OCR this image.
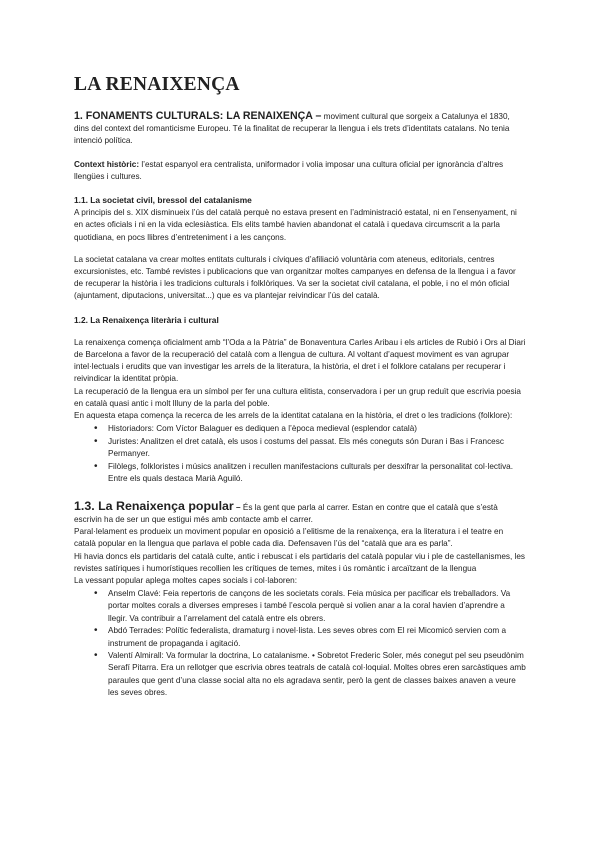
LA RENAIXENÇA

1. FONAMENTS CULTURALS: LA RENAIXENÇA – moviment cultural que sorgeix a Catalunya el 1830, dins del context del romanticisme Europeu. Té la finalitat de recuperar la llengua i els trets d’identitats catalans. No tenia intenció política.

Context històric: l’estat espanyol era centralista, uniformador i volia imposar una cultura oficial per ignorància d’altres llengües i cultures.

1.1. La societat civil, bressol del catalanisme

A principis del s. XIX disminueix l’ús del català perquè no estava present en l’administració estatal, ni en l’ensenyament, ni en actes oficials i ni en la vida eclesiàstica. Els elits també havien abandonat el català i quedava circumscrit a la parla quotidiana, en pocs llibres d’entreteniment i a les cançons.

La societat catalana va crear moltes entitats culturals i cíviques d’afiliació voluntària com ateneus, editorials, centres excursionistes, etc. També revistes i publicacions que van organitzar moltes campanyes en defensa de la llengua i a favor de recuperar la història i les tradicions culturals i folklòriques. Va ser la societat civil catalana, el poble, i no el món oficial (ajuntament, diputacions, universitat...) que es va plantejar reivindicar l’ús del català.

1.2. La Renaixença literària i cultural

La renaixença comença oficialment amb “l’Oda a la Pàtria” de Bonaventura Carles Aribau i els articles de Rubió i Ors al Diari de Barcelona a favor de la recuperació del català com a llengua de cultura. Al voltant d’aquest moviment es van agrupar intel·lectuals i erudits que van investigar les arrels de la literatura, la història, el dret i el folklore catalans per recuperar i reivindicar la identitat pròpia.

La recuperació de la llengua era un símbol per fer una cultura elitista, conservadora i per un grup reduït que escrivia poesia en català quasi antic i molt llluny de la parla del poble.

En aquesta etapa comença la recerca de les arrels de la identitat catalana en la història, el dret o les tradicions (folklore):

• Historiadors: Com Víctor Balaguer es dediquen a l’època medieval (esplendor català)
• Juristes: Analitzen el dret català, els usos i costums del passat. Els més coneguts són Duran i Bas i Francesc Permanyer.
• Filòlegs, folkloristes i músics analitzen i recullen manifestacions culturals per desxifrar la personalitat col·lectiva. Entre els quals destaca Marià Aguiló.

1.3. La Renaixença popular – És la gent que parla al carrer. Estan en contre que el català que s’està escrivin ha de ser un que estigui més amb contacte amb el carrer.

Paral·lelament es produeix un moviment popular en oposició a l’elitisme de la renaixença, era la literatura i el teatre en català popular en la llengua que parlava el poble cada dia. Defensaven l’ús del “català que ara es parla”.

Hi havia doncs els partidaris del català culte, antic i rebuscat i els partidaris del català popular viu i ple de castellanismes, les revistes satíriques i humorístiques recollien les crítiques de temes, mites i ús romàntic i arcaïtzant de la llengua

La vessant popular aplega moltes capes socials i col·laboren:

• Anselm Clavé: Feia repertoris de cançons de les societats corals. Feia música per pacificar els treballadors. Va portar moltes corals a diverses empreses i també l’escola perquè si volien anar a la coral havien d’aprendre a llegir. Va contribuir a l’arrelament del català entre els obrers.
• Abdó Terrades: Polític federalista, dramaturg i novel·lista. Les seves obres com El rei Micomicó servien com a instrument de propaganda i agitació.
• Valentí Almirall: Va formular la doctrina, Lo catalanisme. • Sobretot Frederic Soler, més conegut pel seu pseudònim Serafí Pitarra. Era un rellotger que escrivia obres teatrals de català col·loquial. Moltes obres eren sarcàstiques amb paraules que gent d’una classe social alta no els agradava sentir, però la gent de classes baixes anaven a veure les seves obres.
